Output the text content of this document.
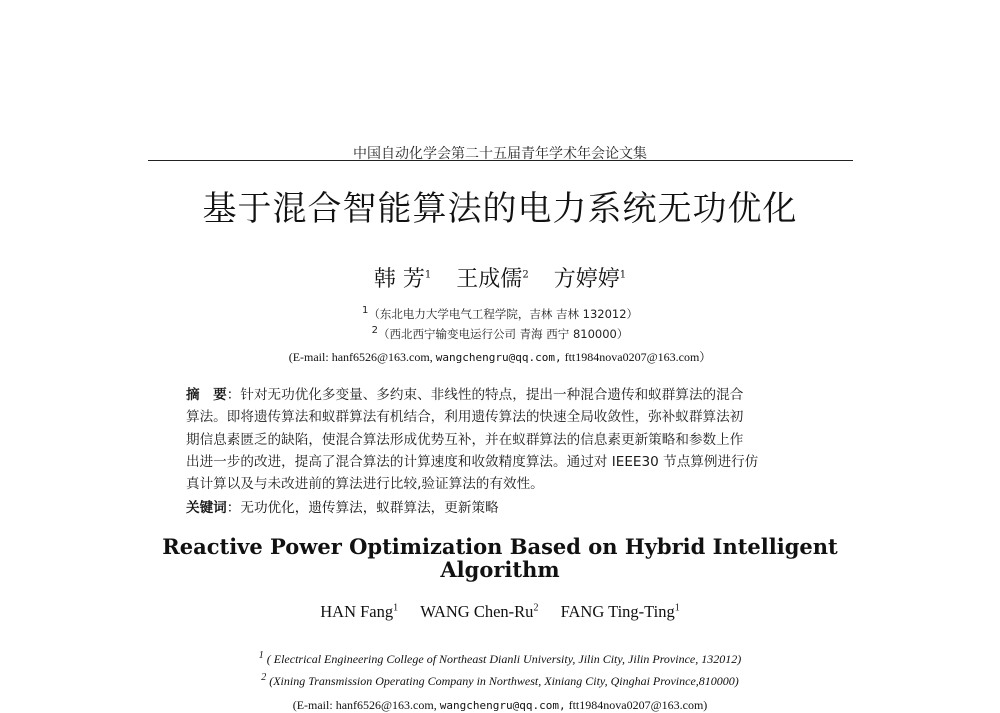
中国自动化学会第二十五届青年学术年会论文集
基于混合智能算法的电力系统无功优化
韩 芳$^1$ 王成儒$^2$ 方婷婷$^1$
$^1$（东北电力大学电气工程学院，吉林 吉林 132012）
$^2$（西北西宁输变电运行公司 青海 西宁 810000）
(E-mail: hanf6526@163.com, wangchengru@qq.com, ftt1984nova0207@163.com）
摘　要：针对无功优化多变量、多约束、非线性的特点，提出一种混合遗传和蚁群算法的混合
算法。即将遗传算法和蚁群算法有机结合，利用遗传算法的快速全局收敛性，弥补蚁群算法初
期信息素匮乏的缺陷，使混合算法形成优势互补，并在蚁群算法的信息素更新策略和参数上作
出进一步的改进，提高了混合算法的计算速度和收敛精度算法。通过对 IEEE30 节点算例进行仿
真计算以及与未改进前的算法进行比较,验证算法的有效性。
关键词：无功优化，遗传算法，蚁群算法，更新策略
Reactive Power Optimization Based on Hybrid Intelligent
Algorithm
HAN Fang$^1$ WANG Chen-Ru$^2$ FANG Ting-Ting$^1$
$^1$ ( Electrical Engineering College of Northeast Dianli University, Jilin City, Jilin Province, 132012)
$^2$ (Xining Transmission Operating Company in Northwest, Xiniang City, Qinghai Province,810000)
(E-mail: hanf6526@163.com, wangchengru@qq.com, ftt1984nova0207@163.com)
